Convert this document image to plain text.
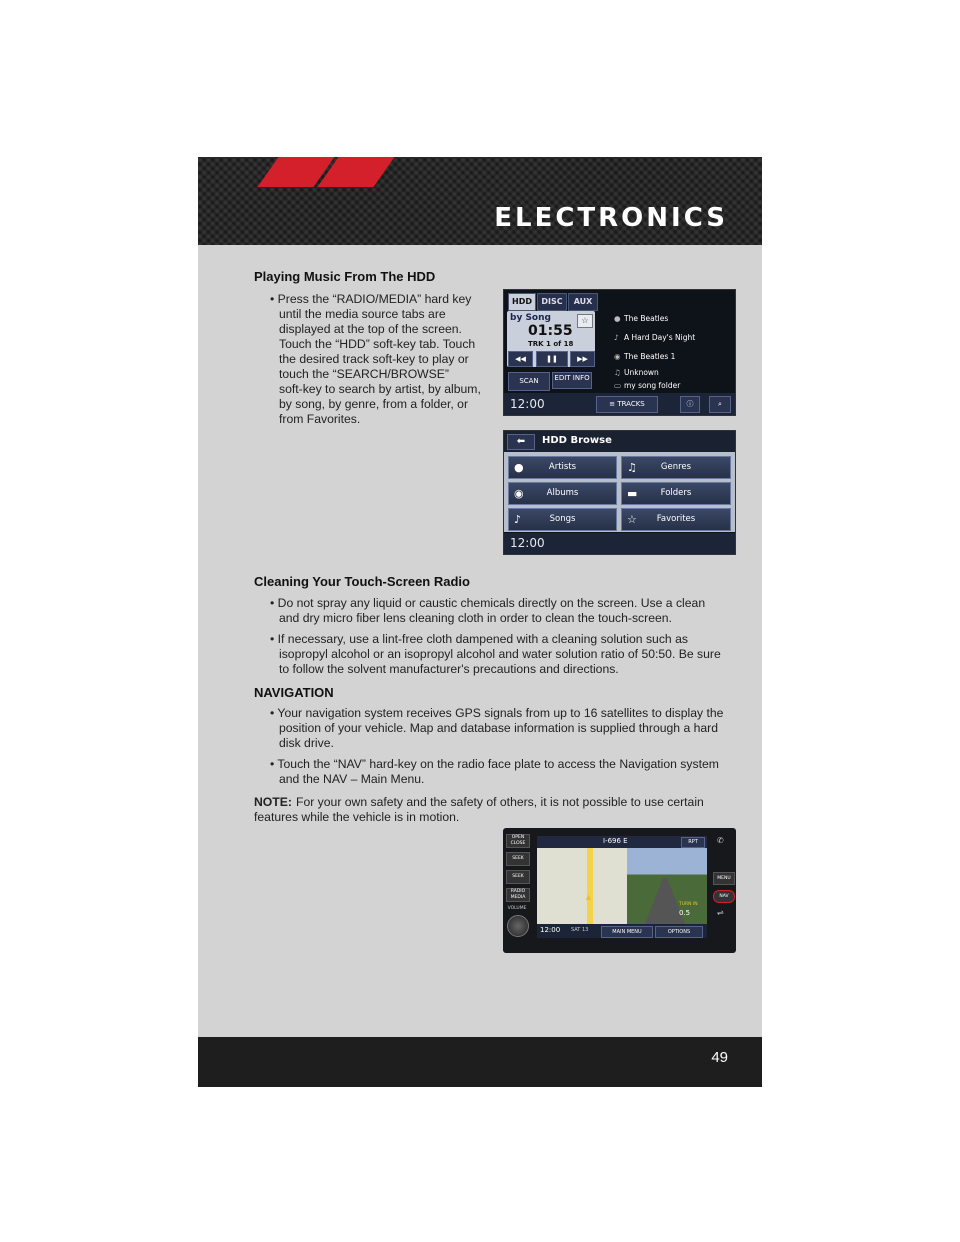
ELECTRONICS
Playing Music From The HDD
• Press the “RADIO/MEDIA” hard key
until the media source tabs are
displayed at the top of the screen.
Touch the “HDD” soft-key tab. Touch
the desired track soft-key to play or
touch the “SEARCH/BROWSE”
soft-key to search by artist, by album,
by song, by genre, from a folder, or
from Favorites.
HDD	DISC	AUX
by Song	☆
01:55
TRK 1 of 18
◀◀	❚❚	▶▶
SCAN	EDIT INFO
● The Beatles
♪ A Hard Day's Night
◉ The Beatles 1
♫ Unknown
▭ my song folder
12:00	≡ TRACKS	ⓘ	⌕
⬅	HDD Browse
●	Artists	♫	Genres
◉	Albums	▬	Folders
♪	Songs	☆	Favorites
12:00
Cleaning Your Touch-Screen Radio
• Do not spray any liquid or caustic chemicals directly on the screen. Use a clean
and dry micro fiber lens cleaning cloth in order to clean the touch-screen.
• If necessary, use a lint-free cloth dampened with a cleaning solution such as
isopropyl alcohol or an isopropyl alcohol and water solution ratio of 50:50. Be sure
to follow the solvent manufacturer's precautions and directions.
NAVIGATION
• Your navigation system receives GPS signals from up to 16 satellites to display the
position of your vehicle. Map and database information is supplied through a hard
disk drive.
• Touch the “NAV” hard-key on the radio face plate to access the Navigation system
and the NAV – Main Menu.
NOTE: For your own safety and the safety of others, it is not possible to use certain
features while the vehicle is in motion.
OPEN CLOSE
SEEK
SEEK
RADIO MEDIA
VOLUME
I-696 E	RPT
▲
TURN IN
0.5
12:00 SAT 13	MAIN MENU	OPTIONS
MENU
NAV
✆
⇌
49
